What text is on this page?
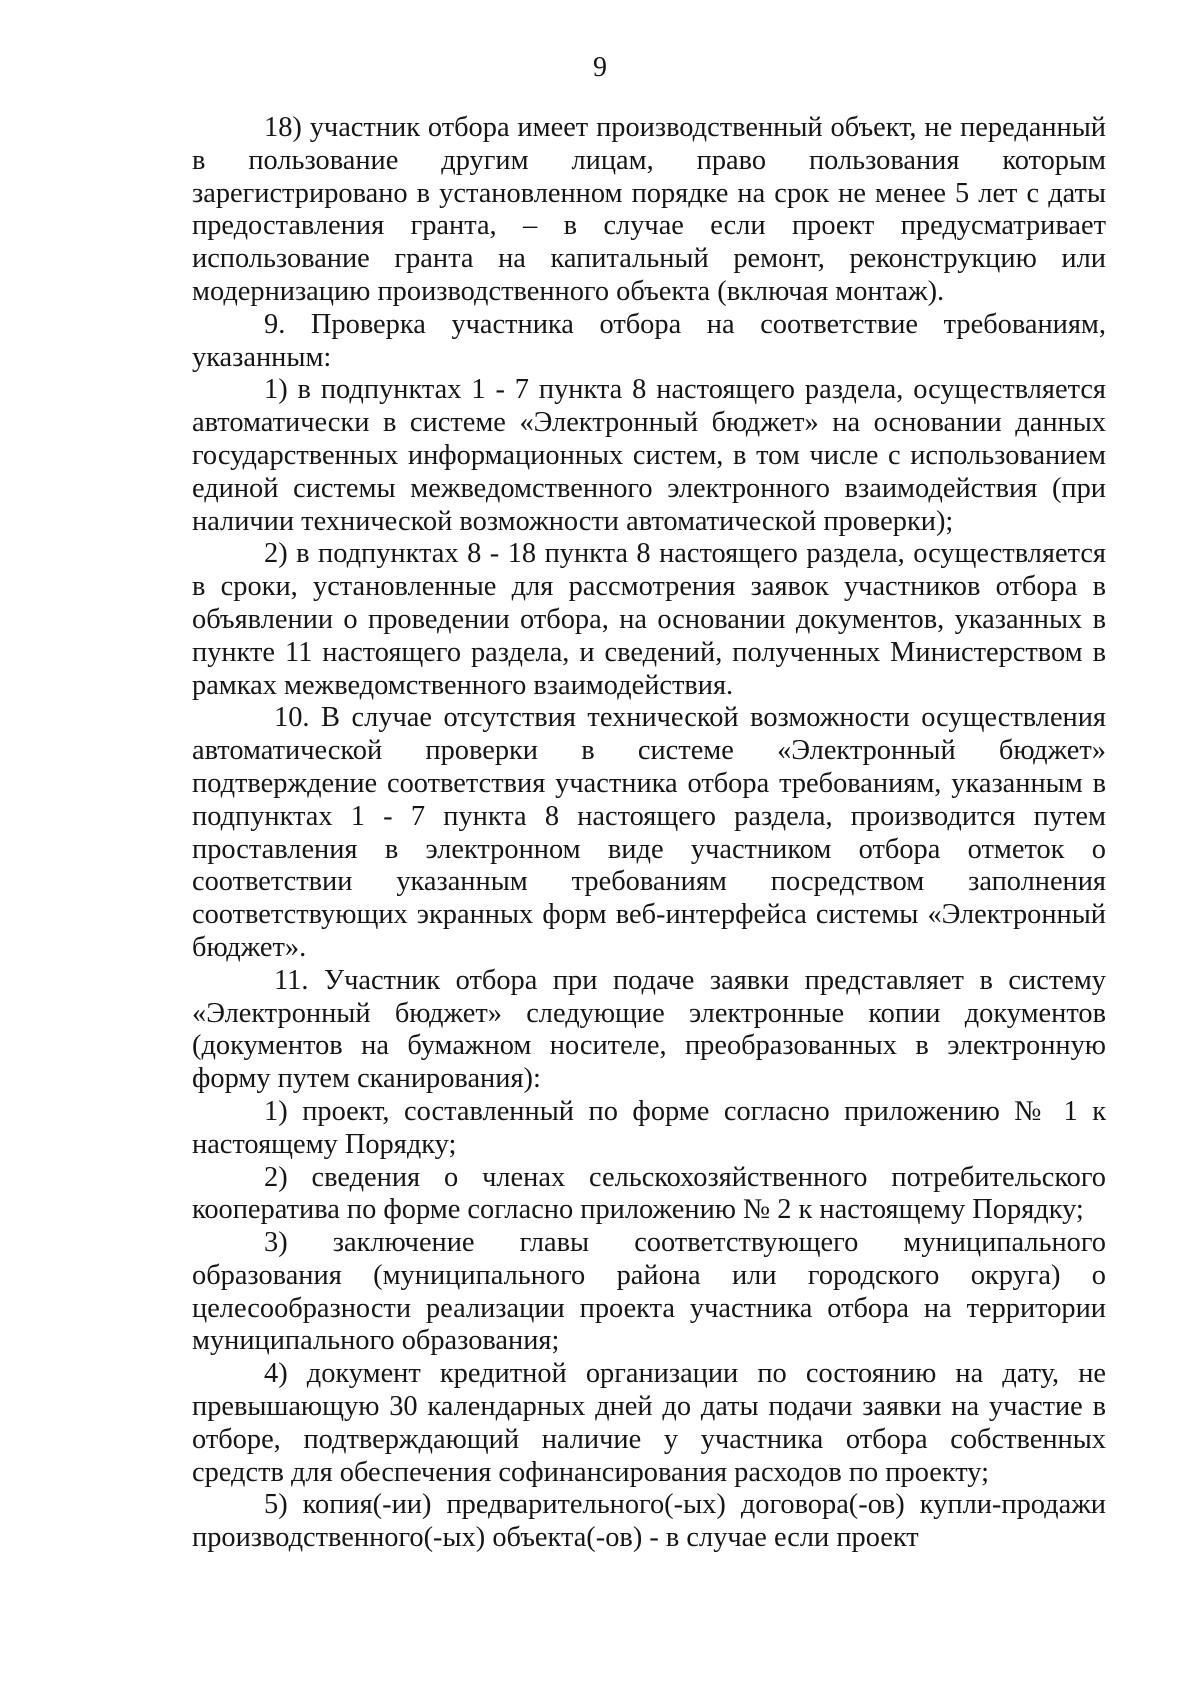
9

18) участник отбора имеет производственный объект, не переданный в пользование другим лицам, право пользования которым зарегистрировано в установленном порядке на срок не менее 5 лет с даты предоставления гранта, – в случае если проект предусматривает использование гранта на капитальный ремонт, реконструкцию или модернизацию производственного объекта (включая монтаж).

9. Проверка участника отбора на соответствие требованиям, указанным:

1) в подпунктах 1 - 7 пункта 8 настоящего раздела, осуществляется автоматически в системе «Электронный бюджет» на основании данных государственных информационных систем, в том числе с использованием единой системы межведомственного электронного взаимодействия (при наличии технической возможности автоматической проверки);

2) в подпунктах 8 - 18 пункта 8 настоящего раздела, осуществляется в сроки, установленные для рассмотрения заявок участников отбора в объявлении о проведении отбора, на основании документов, указанных в пункте 11 настоящего раздела, и сведений, полученных Министерством в рамках межведомственного взаимодействия.

10. В случае отсутствия технической возможности осуществления автоматической проверки в системе «Электронный бюджет» подтверждение соответствия участника отбора требованиям, указанным в подпунктах 1 - 7 пункта 8 настоящего раздела, производится путем проставления в электронном виде участником отбора отметок о соответствии указанным требованиям посредством заполнения соответствующих экранных форм веб-интерфейса системы «Электронный бюджет».

11. Участник отбора при подаче заявки представляет в систему «Электронный бюджет» следующие электронные копии документов (документов на бумажном носителе, преобразованных в электронную форму путем сканирования):

1) проект, составленный по форме согласно приложению № 1 к настоящему Порядку;

2) сведения о членах сельскохозяйственного потребительского кооператива по форме согласно приложению № 2 к настоящему Порядку;

3) заключение главы соответствующего муниципального образования (муниципального района или городского округа) о целесообразности реализации проекта участника отбора на территории муниципального образования;

4) документ кредитной организации по состоянию на дату, не превышающую 30 календарных дней до даты подачи заявки на участие в отборе, подтверждающий наличие у участника отбора собственных средств для обеспечения софинансирования расходов по проекту;

5) копия(-ии) предварительного(-ых) договора(-ов) купли-продажи производственного(-ых) объекта(-ов) - в случае если проект
